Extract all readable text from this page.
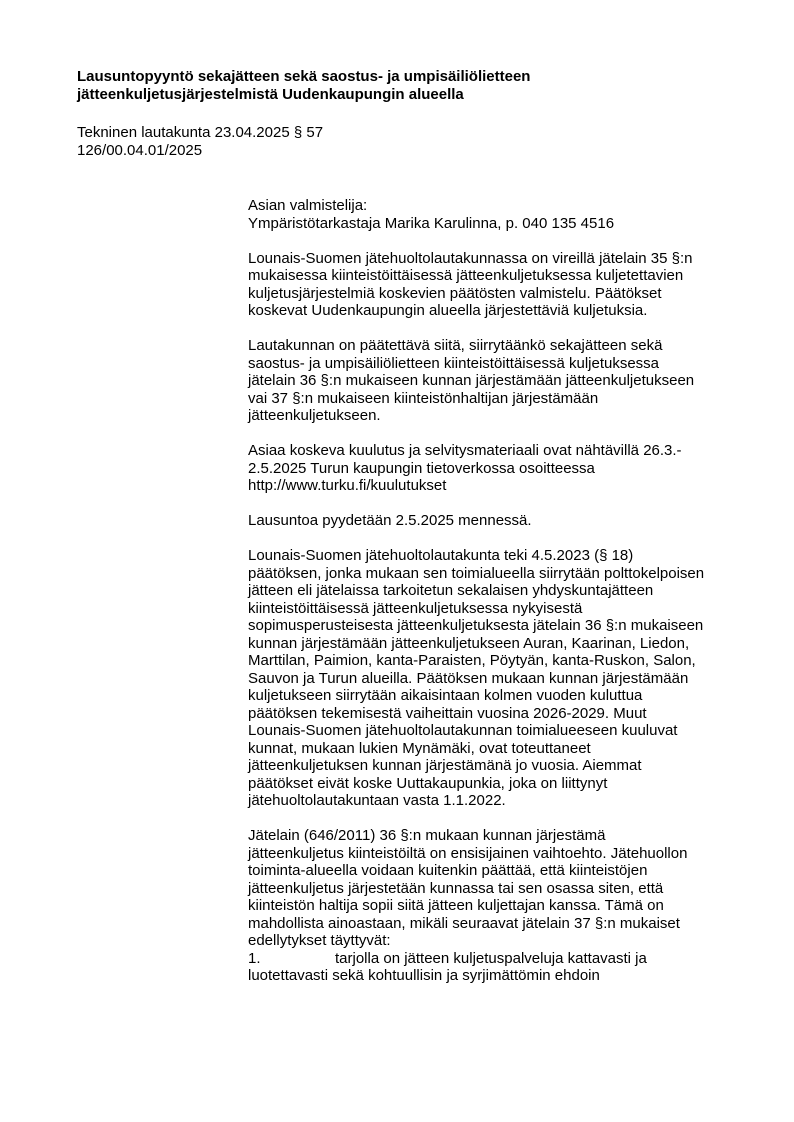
Lausuntopyyntö sekajätteen sekä saostus- ja umpisäiliölietteen
jätteenkuljetusjärjestelmistä Uudenkaupungin alueella
Tekninen lautakunta 23.04.2025 § 57
126/00.04.01/2025
Asian valmistelija:
Ympäristötarkastaja Marika Karulinna, p. 040 135 4516
Lounais-Suomen jätehuoltolautakunnassa on vireillä jätelain 35 §:n
mukaisessa kiinteistöittäisessä jätteenkuljetuksessa kuljetettavien
kuljetusjärjestelmiä koskevien päätösten valmistelu. Päätökset
koskevat Uudenkaupungin alueella järjestettäviä kuljetuksia.
Lautakunnan on päätettävä siitä, siirrytäänkö sekajätteen sekä
saostus- ja umpisäiliölietteen kiinteistöittäisessä kuljetuksessa
jätelain 36 §:n mukaiseen kunnan järjestämään jätteenkuljetukseen
vai 37 §:n mukaiseen kiinteistönhaltijan järjestämään
jätteenkuljetukseen.
Asiaa koskeva kuulutus ja selvitysmateriaali ovat nähtävillä 26.3.-
2.5.2025 Turun kaupungin tietoverkossa osoitteessa
http://www.turku.fi/kuulutukset
Lausuntoa pyydetään 2.5.2025 mennessä.
Lounais-Suomen jätehuoltolautakunta teki 4.5.2023 (§ 18)
päätöksen, jonka mukaan sen toimialueella siirrytään polttokelpoisen
jätteen eli jätelaissa tarkoitetun sekalaisen yhdyskuntajätteen
kiinteistöittäisessä jätteenkuljetuksessa nykyisestä
sopimusperusteisesta jätteenkuljetuksesta jätelain 36 §:n mukaiseen
kunnan järjestämään jätteenkuljetukseen Auran, Kaarinan, Liedon,
Marttilan, Paimion, kanta-Paraisten, Pöytyän, kanta-Ruskon, Salon,
Sauvon ja Turun alueilla. Päätöksen mukaan kunnan järjestämään
kuljetukseen siirrytään aikaisintaan kolmen vuoden kuluttua
päätöksen tekemisestä vaiheittain vuosina 2026-2029. Muut
Lounais-Suomen jätehuoltolautakunnan toimialueeseen kuuluvat
kunnat, mukaan lukien Mynämäki, ovat toteuttaneet
jätteenkuljetuksen kunnan järjestämänä jo vuosia. Aiemmat
päätökset eivät koske Uuttakaupunkia, joka on liittynyt
jätehuoltolautakuntaan vasta 1.1.2022.
Jätelain (646/2011) 36 §:n mukaan kunnan järjestämä
jätteenkuljetus kiinteistöiltä on ensisijainen vaihtoehto. Jätehuollon
toiminta-alueella voidaan kuitenkin päättää, että kiinteistöjen
jätteenkuljetus järjestetään kunnassa tai sen osassa siten, että
kiinteistön haltija sopii siitä jätteen kuljettajan kanssa. Tämä on
mahdollista ainoastaan, mikäli seuraavat jätelain 37 §:n mukaiset
edellytykset täyttyvät:
1.	tarjolla on jätteen kuljetuspalveluja kattavasti ja
luotettavasti sekä kohtuullisin ja syrjimättömin ehdoin
